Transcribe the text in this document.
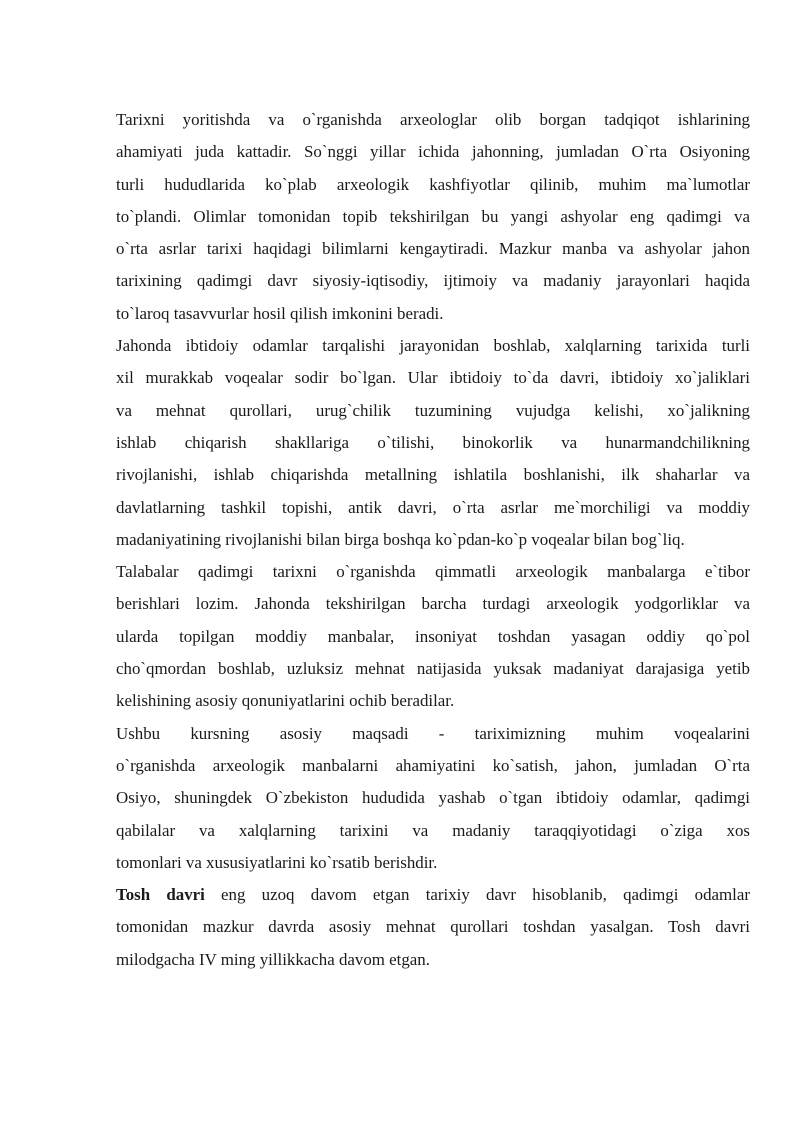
Tarixni yoritishda va o`rganishda arxeologlar olib borgan tadqiqot ishlarining
ahamiyati juda kattadir. So`nggi yillar ichida jahonning, jumladan O`rta Osiyoning
turli hududlarida ko`plab arxeologik kashfiyotlar qilinib, muhim ma`lumotlar
to`plandi. Olimlar tomonidan topib tekshirilgan bu yangi ashyolar eng qadimgi va
o`rta asrlar tarixi haqidagi bilimlarni kengaytiradi. Mazkur manba va ashyolar jahon
tarixining qadimgi davr siyosiy-iqtisodiy, ijtimoiy va madaniy jarayonlari haqida
to`laroq tasavvurlar hosil qilish imkonini beradi.
Jahonda ibtidoiy odamlar tarqalishi jarayonidan boshlab, xalqlarning tarixida turli
xil murakkab voqealar sodir bo`lgan. Ular ibtidoiy to`da davri, ibtidoiy xo`jaliklari
va mehnat qurollari, urug`chilik tuzumining vujudga kelishi, xo`jalikning
ishlab chiqarish shakllariga o`tilishi, binokorlik va hunarmandchilikning
rivojlanishi, ishlab chiqarishda metallning ishlatila boshlanishi, ilk shaharlar va
davlatlarning tashkil topishi, antik davri, o`rta asrlar me`morchiligi va moddiy
madaniyatining rivojlanishi bilan birga boshqa ko`pdan-ko`p voqealar bilan bog`liq.
Talabalar qadimgi tarixni o`rganishda qimmatli arxeologik manbalarga e`tibor
berishlari lozim. Jahonda tekshirilgan barcha turdagi arxeologik yodgorliklar va
ularda topilgan moddiy manbalar, insoniyat toshdan yasagan oddiy qo`pol
cho`qmordan boshlab, uzluksiz mehnat natijasida yuksak madaniyat darajasiga yetib
kelishining asosiy qonuniyatlarini ochib beradilar.
Ushbu kursning asosiy maqsadi - tariximizning muhim voqealarini
o`rganishda arxeologik manbalarni ahamiyatini ko`satish, jahon, jumladan O`rta
Osiyo, shuningdek O`zbekiston hududida yashab o`tgan ibtidoiy odamlar, qadimgi
qabilalar va xalqlarning tarixini va madaniy taraqqiyotidagi o`ziga xos
tomonlari va xususiyatlarini ko`rsatib berishdir.
Tosh davri eng uzoq davom etgan tarixiy davr hisoblanib, qadimgi odamlar
tomonidan mazkur davrda asosiy mehnat qurollari toshdan yasalgan. Tosh davri
milodgacha IV ming yillikkacha davom etgan.
